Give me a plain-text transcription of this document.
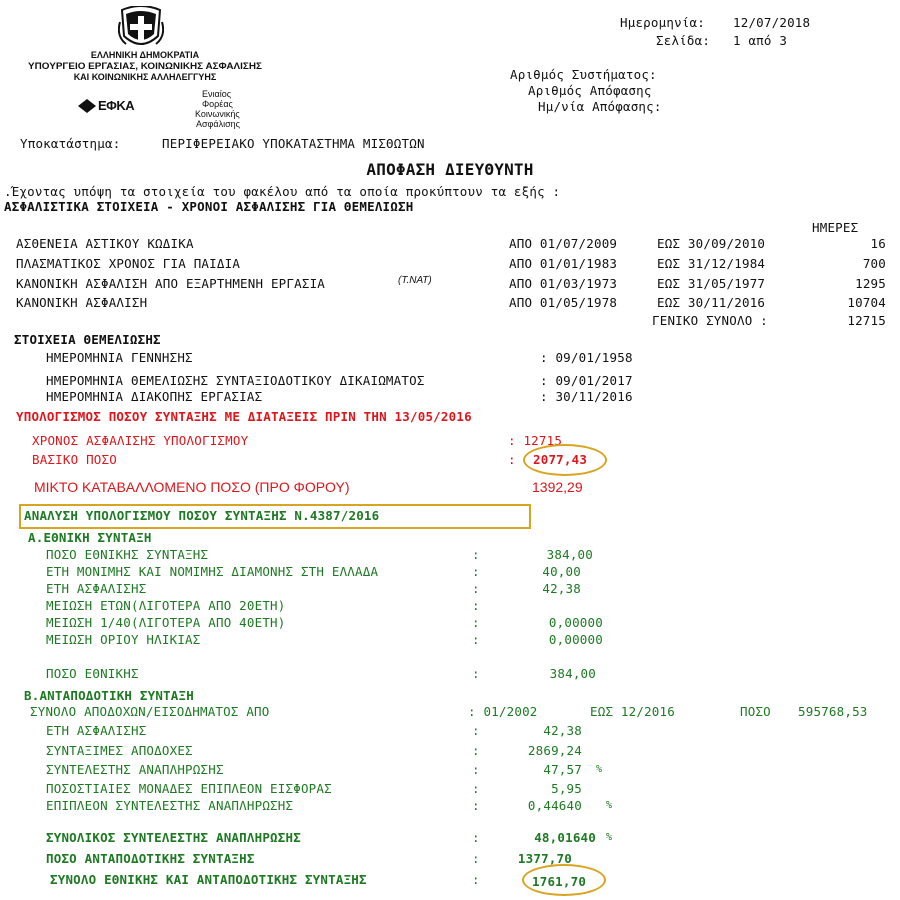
ΕΛΛΗΝΙΚΗ ΔΗΜΟΚΡΑΤΙΑ
ΥΠΟΥΡΓΕΙΟ ΕΡΓΑΣΙΑΣ, ΚΟΙΝΩΝΙΚΗΣ ΑΣΦΑΛΙΣΗΣ
ΚΑΙ ΚΟΙΝΩΝΙΚΗΣ ΑΛΛΗΛΕΓΓΥΗΣ
ΕΦΚΑ
Ενιαίος
Φορέας
Κοινωνικής
Ασφάλισης
Ημερομηνία: 12/07/2018
Σελίδα: 1 από 3
Αριθμός Συστήματος:
Αριθμός Απόφασης
Ημ/νία Απόφασης:
Υποκατάστημα:	ΠΕΡΙΦΕΡΕΙΑΚΟ ΥΠΟΚΑΤΑΣΤΗΜΑ ΜΙΣΘΩΤΩΝ
ΑΠΟΦΑΣΗ ΔΙΕΥΘΥΝΤΗ
.Έχοντας υπόψη τα στοιχεία του φακέλου από τα οποία προκύπτουν τα εξής :
ΑΣΦΑΛΙΣΤΙΚΑ ΣΤΟΙΧΕΙΑ - ΧΡΟΝΟΙ ΑΣΦΑΛΙΣΗΣ ΓΙΑ ΘΕΜΕΛΙΩΣΗ
ΗΜΕΡΕΣ
ΑΣΘΕΝΕΙΑ ΑΣΤΙΚΟΥ ΚΩΔΙΚΑ	ΑΠΟ 01/07/2009	ΕΩΣ 30/09/2010	16
ΠΛΑΣΜΑΤΙΚΟΣ ΧΡΟΝΟΣ ΓΙΑ ΠΑΙΔΙΑ	ΑΠΟ 01/01/1983	ΕΩΣ 31/12/1984	700
ΚΑΝΟΝΙΚΗ ΑΣΦΑΛΙΣΗ ΑΠΟ ΕΞΑΡΤΗΜΕΝΗ ΕΡΓΑΣΙΑ	(Τ.ΝΑΤ)	ΑΠΟ 01/03/1973	ΕΩΣ 31/05/1977	1295
ΚΑΝΟΝΙΚΗ ΑΣΦΑΛΙΣΗ	ΑΠΟ 01/05/1978	ΕΩΣ 30/11/2016	10704
ΓΕΝΙΚΟ ΣΥΝΟΛΟ :	12715
ΣΤΟΙΧΕΙΑ ΘΕΜΕΛΙΩΣΗΣ
ΗΜΕΡΟΜΗΝΙΑ ΓΕΝΝΗΣΗΣ	: 09/01/1958
ΗΜΕΡΟΜΗΝΙΑ ΘΕΜΕΛΙΩΣΗΣ ΣΥΝΤΑΞΙΟΔΟΤΙΚΟΥ ΔΙΚΑΙΩΜΑΤΟΣ	: 09/01/2017
ΗΜΕΡΟΜΗΝΙΑ ΔΙΑΚΟΠΗΣ ΕΡΓΑΣΙΑΣ	: 30/11/2016
ΥΠΟΛΟΓΙΣΜΟΣ ΠΟΣΟΥ ΣΥΝΤΑΞΗΣ ΜΕ ΔΙΑΤΑΞΕΙΣ ΠΡΙΝ ΤΗΝ 13/05/2016
ΧΡΟΝΟΣ ΑΣΦΑΛΙΣΗΣ ΥΠΟΛΟΓΙΣΜΟΥ	: 12715
ΒΑΣΙΚΟ ΠΟΣΟ	: 2077,43
ΜΙΚΤΟ ΚΑΤΑΒΑΛΛΟΜΕΝΟ ΠΟΣΟ (ΠΡΟ ΦΟΡΟΥ)	1392,29
ΑΝΑΛΥΣΗ ΥΠΟΛΟΓΙΣΜΟΥ ΠΟΣΟΥ ΣΥΝΤΑΞΗΣ Ν.4387/2016
Α.ΕΘΝΙΚΗ ΣΥΝΤΑΞΗ
ΠΟΣΟ ΕΘΝΙΚΗΣ ΣΥΝΤΑΞΗΣ	:	384,00
ΕΤΗ ΜΟΝΙΜΗΣ ΚΑΙ ΝΟΜΙΜΗΣ ΔΙΑΜΟΝΗΣ ΣΤΗ ΕΛΛΑΔΑ	:	40,00
ΕΤΗ ΑΣΦΑΛΙΣΗΣ	:	42,38
ΜΕΙΩΣΗ ΕΤΩΝ(ΛΙΓΟΤΕΡΑ ΑΠΟ 20ΕΤΗ)	:
ΜΕΙΩΣΗ 1/40(ΛΙΓΟΤΕΡΑ ΑΠΟ 40ΕΤΗ)	:	0,00000
ΜΕΙΩΣΗ ΟΡΙΟΥ ΗΛΙΚΙΑΣ	:	0,00000
ΠΟΣΟ ΕΘΝΙΚΗΣ	:	384,00
Β.ΑΝΤΑΠΟΔΟΤΙΚΗ ΣΥΝΤΑΞΗ
ΣΥΝΟΛΟ ΑΠΟΔΟΧΩΝ/ΕΙΣΟΔΗΜΑΤΟΣ ΑΠΟ	: 01/2002	ΕΩΣ 12/2016	ΠΟΣΟ 595768,53
ΕΤΗ ΑΣΦΑΛΙΣΗΣ	:	42,38
ΣΥΝΤΑΞΙΜΕΣ ΑΠΟΔΟΧΕΣ	:	2869,24
ΣΥΝΤΕΛΕΣΤΗΣ ΑΝΑΠΛΗΡΩΣΗΣ	:	47,57 %
ΠΟΣΟΣΤΙΑΙΕΣ ΜΟΝΑΔΕΣ ΕΠΙΠΛΕΟΝ ΕΙΣΦΟΡΑΣ	:	5,95
ΕΠΙΠΛΕΟΝ ΣΥΝΤΕΛΕΣΤΗΣ ΑΝΑΠΛΗΡΩΣΗΣ	:	0,44640 %
ΣΥΝΟΛΙΚΟΣ ΣΥΝΤΕΛΕΣΤΗΣ ΑΝΑΠΛΗΡΩΣΗΣ	:	48,01640 %
ΠΟΣΟ ΑΝΤΑΠΟΔΟΤΙΚΗΣ ΣΥΝΤΑΞΗΣ	:	1377,70
ΣΥΝΟΛΟ ΕΘΝΙΚΗΣ ΚΑΙ ΑΝΤΑΠΟΔΟΤΙΚΗΣ ΣΥΝΤΑΞΗΣ	:	1761,70
